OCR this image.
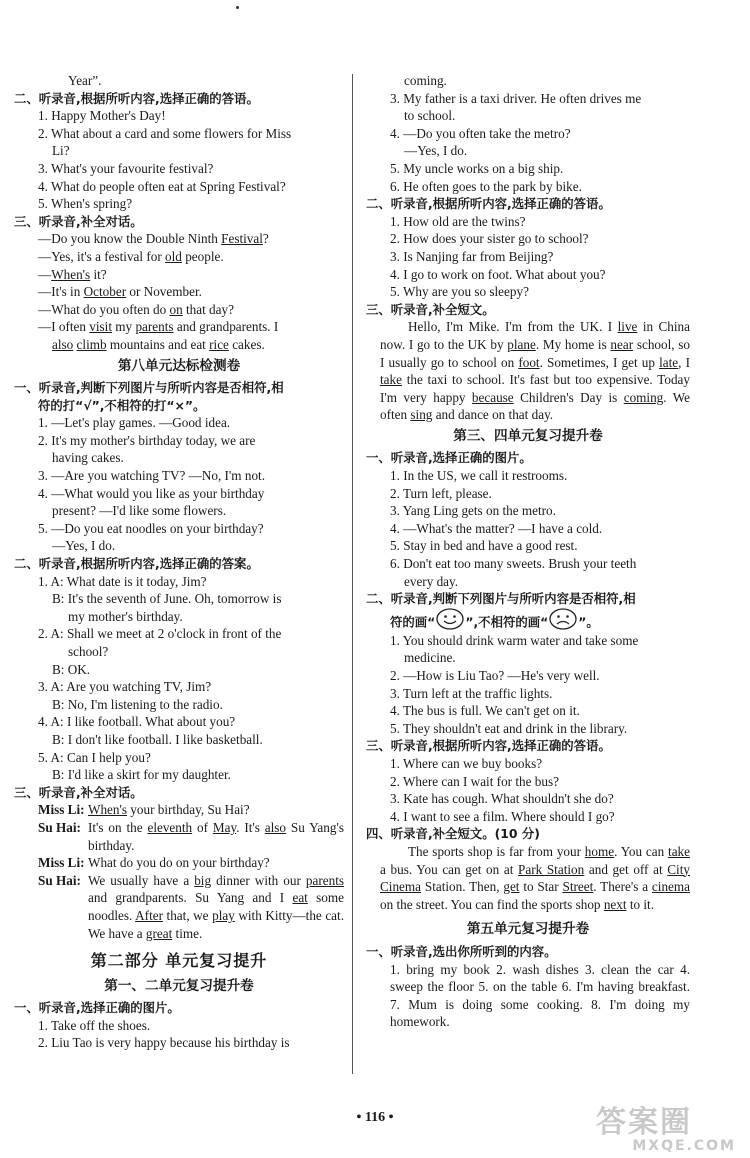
Year”.
二、听录音,根据所听内容,选择正确的答语。
1. Happy Mother's Day!
2. What about a card and some flowers for Miss
Li?
3. What's your favourite festival?
4. What do people often eat at Spring Festival?
5. When's spring?
三、听录音,补全对话。
—Do you know the Double Ninth Festival?
—Yes, it's a festival for old people.
—When's it?
—It's in October or November.
—What do you often do on that day?
—I often visit my parents and grandparents. I
also climb mountains and eat rice cakes.
第八单元达标检测卷
一、听录音,判断下列图片与所听内容是否相符,相
符的打“√”,不相符的打“×”。
1. —Let's play games. —Good idea.
2. It's my mother's birthday today, we are
having cakes.
3. —Are you watching TV? —No, I'm not.
4. —What would you like as your birthday
present? —I'd like some flowers.
5. —Do you eat noodles on your birthday?
—Yes, I do.
二、听录音,根据所听内容,选择正确的答案。
1. A: What date is it today, Jim?
B: It's the seventh of June. Oh, tomorrow is
my mother's birthday.
2. A: Shall we meet at 2 o'clock in front of the
school?
B: OK.
3. A: Are you watching TV, Jim?
B: No, I'm listening to the radio.
4. A: I like football. What about you?
B: I don't like football. I like basketball.
5. A: Can I help you?
B: I'd like a skirt for my daughter.
三、听录音,补全对话。
Miss Li: When's your birthday, Su Hai?
Su Hai: It's on the eleventh of May. It's also Su Yang's birthday.
Miss Li: What do you do on your birthday?
Su Hai: We usually have a big dinner with our parents and grandparents. Su Yang and I eat some noodles. After that, we play with Kitty—the cat. We have a great time.
第二部分 单元复习提升
第一、二单元复习提升卷
一、听录音,选择正确的图片。
1. Take off the shoes.
2. Liu Tao is very happy because his birthday is
coming.
3. My father is a taxi driver. He often drives me
to school.
4. —Do you often take the metro?
—Yes, I do.
5. My uncle works on a big ship.
6. He often goes to the park by bike.
二、听录音,根据所听内容,选择正确的答语。
1. How old are the twins?
2. How does your sister go to school?
3. Is Nanjing far from Beijing?
4. I go to work on foot. What about you?
5. Why are you so sleepy?
三、听录音,补全短文。

Hello, I'm Mike. I'm from the UK. I live in China now. I go to the UK by plane. My home is near school, so I usually go to school on foot. Sometimes, I get up late, I take the taxi to school. It's fast but too expensive. Today I'm very happy because Children's Day is coming. We often sing and dance on that day.

第三、四单元复习提升卷
一、听录音,选择正确的图片。
1. In the US, we call it restrooms.
2. Turn left, please.
3. Yang Ling gets on the metro.
4. —What's the matter? —I have a cold.
5. Stay in bed and have a good rest.
6. Don't eat too many sweets. Brush your teeth
every day.
二、听录音,判断下列图片与所听内容是否相符,相
符的画“ ”,不相符的画“ ”。
1. You should drink warm water and take some
medicine.
2. —How is Liu Tao? —He's very well.
3. Turn left at the traffic lights.
4. The bus is full. We can't get on it.
5. They shouldn't eat and drink in the library.
三、听录音,根据所听内容,选择正确的答语。
1. Where can we buy books?
2. Where can I wait for the bus?
3. Kate has cough. What shouldn't she do?
4. I want to see a film. Where should I go?
四、听录音,补全短文。(10 分)

The sports shop is far from your home. You can take a bus. You can get on at Park Station and get off at City Cinema Station. Then, get to Star Street. There's a cinema on the street. You can find the sports shop next to it.

第五单元复习提升卷
一、听录音,选出你所听到的内容。
1. bring my book 2. wash dishes 3. clean the car 4. sweep the floor 5. on the table 6. I'm having breakfast. 7. Mum is doing some cooking. 8. I'm doing my homework.
• 116 •	答案圈
MXQE.COM
